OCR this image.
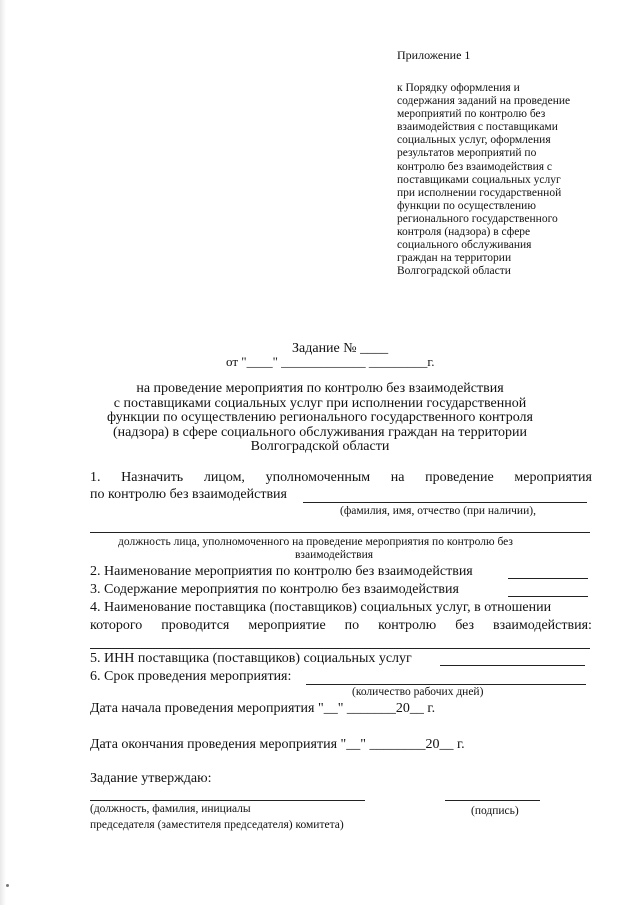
Приложение 1
к Порядку оформления и
содержания заданий на проведение
мероприятий по контролю без
взаимодействия с поставщиками
социальных услуг, оформления
результатов мероприятий по
контролю без взаимодействия с
поставщиками социальных услуг
при исполнении государственной
функции по осуществлению
регионального государственного
контроля (надзора) в сфере
социального обслуживания
граждан на территории
Волгоградской области
Задание № ____
от "____" _____________ _________г.
на проведение мероприятия по контролю без взаимодействия
с поставщиками социальных услуг при исполнении государственной
функции по осуществлению регионального государственного контроля
(надзора) в сфере социального обслуживания граждан на территории
Волгоградской области
1. Назначить лицом, уполномоченным на проведение мероприятия
по контролю без взаимодействия
(фамилия, имя, отчество (при наличии),
должность лица, уполномоченного на проведение мероприятия по контролю без
взаимодействия
2. Наименование мероприятия по контролю без взаимодействия
3. Содержание мероприятия по контролю без взаимодействия
4. Наименование поставщика (поставщиков) социальных услуг, в отношении
которого проводится мероприятие по контролю без взаимодействия:
5. ИНН поставщика (поставщиков) социальных услуг
6. Срок проведения мероприятия:
(количество рабочих дней)
Дата начала проведения мероприятия "__" _______20__ г.
Дата окончания проведения мероприятия "__" ________20__ г.
Задание утверждаю:
(должность, фамилия, инициалы
председателя (заместителя председателя) комитета)
(подпись)
